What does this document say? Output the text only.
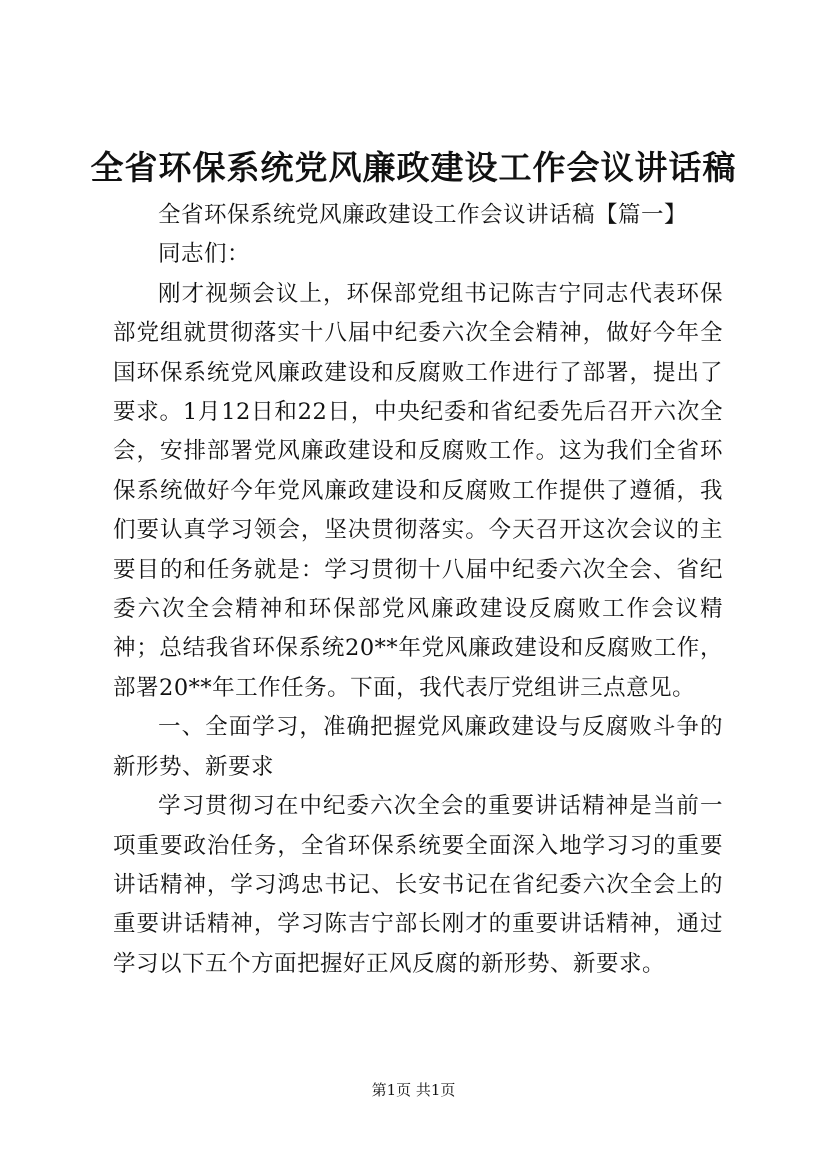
全省环保系统党风廉政建设工作会议讲话稿

全省环保系统党风廉政建设工作会议讲话稿【篇一】

同志们：

刚才视频会议上，环保部党组书记陈吉宁同志代表环保部党组就贯彻落实十八届中纪委六次全会精神，做好今年全国环保系统党风廉政建设和反腐败工作进行了部署，提出了要求。1月12日和22日，中央纪委和省纪委先后召开六次全会，安排部署党风廉政建设和反腐败工作。这为我们全省环保系统做好今年党风廉政建设和反腐败工作提供了遵循，我们要认真学习领会，坚决贯彻落实。今天召开这次会议的主要目的和任务就是：学习贯彻十八届中纪委六次全会、省纪委六次全会精神和环保部党风廉政建设反腐败工作会议精神；总结我省环保系统20**年党风廉政建设和反腐败工作，部署20**年工作任务。下面，我代表厅党组讲三点意见。

一、全面学习，准确把握党风廉政建设与反腐败斗争的新形势、新要求

学习贯彻习在中纪委六次全会的重要讲话精神是当前一项重要政治任务，全省环保系统要全面深入地学习习的重要讲话精神，学习鸿忠书记、长安书记在省纪委六次全会上的重要讲话精神，学习陈吉宁部长刚才的重要讲话精神，通过学习以下五个方面把握好正风反腐的新形势、新要求。

第1页 共1页
